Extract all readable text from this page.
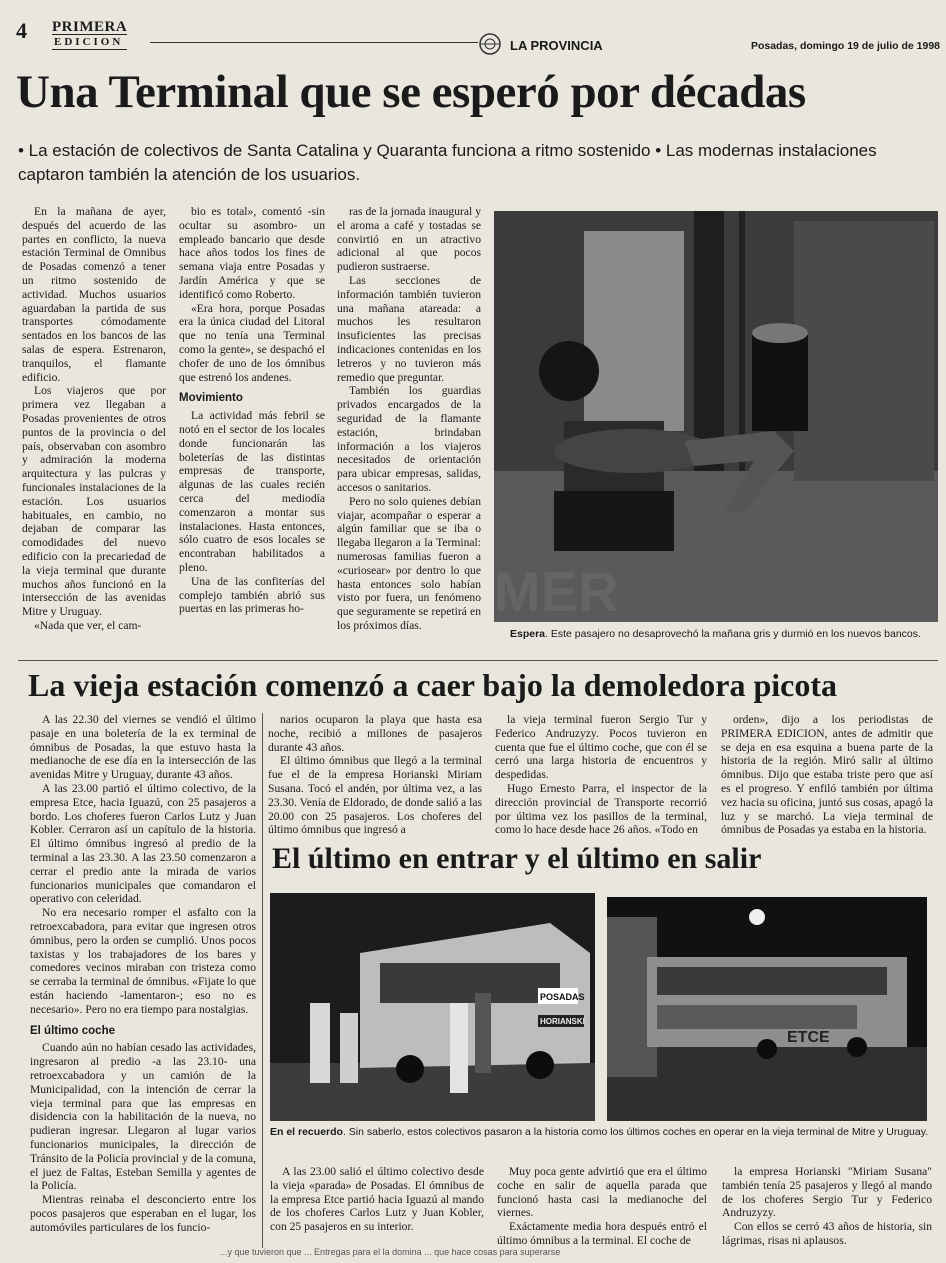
4 PRIMERA
EDICION	LA PROVINCIA	Posadas, domingo 19 de julio de 1998
Una Terminal que se esperó por décadas
• La estación de colectivos de Santa Catalina y Quaranta funciona a ritmo sostenido • Las modernas instalaciones captaron también la atención de los usuarios.

En la mañana de ayer, después del acuerdo de las partes en conflicto, la nueva estación Terminal de Omnibus de Posadas comenzó a tener un ritmo sostenido de actividad. Muchos usuarios aguardaban la partida de sus transportes cómodamente sentados en los bancos de las salas de espera. Estrenaron, tranquilos, el flamante edificio.

Los viajeros que por primera vez llegaban a Posadas provenientes de otros puntos de la provincia o del país, observaban con asombro y admiración la moderna arquitectura y las pulcras y funcionales instalaciones de la estación. Los usuarios habituales, en cambio, no dejaban de comparar las comodidades del nuevo edificio con la precariedad de la vieja terminal que durante muchos años funcionó en la intersección de las avenidas Mitre y Uruguay.

«Nada que ver, el cam-

bio es total», comentó -sin ocultar su asombro- un empleado bancario que desde hace años todos los fines de semana viaja entre Posadas y Jardín América y que se identificó como Roberto.

«Era hora, porque Posadas era la única ciudad del Litoral que no tenía una Terminal como la gente», se despachó el chofer de uno de los ómnibus que estrenó los andenes.

Movimiento

La actividad más febril se notó en el sector de los locales donde funcionarán las boleterías de las distintas empresas de transporte, algunas de las cuales recién cerca del mediodía comenzaron a montar sus instalaciones. Hasta entonces, sólo cuatro de esos locales se encontraban habilitados a pleno.

Una de las confiterías del complejo también abrió sus puertas en las primeras ho-

ras de la jornada inaugural y el aroma a café y tostadas se convirtió en un atractivo adicional al que pocos pudieron sustraerse.

Las secciones de información también tuvieron una mañana atareada: a muchos les resultaron insuficientes las precisas indicaciones contenidas en los letreros y no tuvieron más remedio que preguntar.

También los guardias privados encargados de la seguridad de la flamante estación, brindaban información a los viajeros necesitados de orientación para ubicar empresas, salidas, accesos o sanitarios.

Pero no solo quienes debían viajar, acompañar o esperar a algún familiar que se iba o llegaba llegaron a la Terminal: numerosas familias fueron a «curiosear» por dentro lo que hasta entonces solo habían visto por fuera, un fenómeno que seguramente se repetirá en los próximos días.

MER
Espera. Este pasajero no desaprovechó la mañana gris y durmió en los nuevos bancos.
La vieja estación comenzó a caer bajo la demoledora picota

A las 22.30 del viernes se vendió el último pasaje en una boletería de la ex terminal de ómnibus de Posadas, la que estuvo hasta la medianoche de ese día en la intersección de las avenidas Mitre y Uruguay, durante 43 años.

A las 23.00 partió el último colectivo, de la empresa Etce, hacia Iguazú, con 25 pasajeros a bordo. Los choferes fueron Carlos Lutz y Juan Kobler. Cerraron así un capítulo de la historia. El último ómnibus ingresó al predio de la terminal a las 23.30. A las 23.50 comenzaron a cerrar el predio ante la mirada de varios funcionarios municipales que comandaron el operativo con celeridad.

No era necesario romper el asfalto con la retroexcabadora, para evitar que ingresen otros ómnibus, pero la orden se cumplió. Unos pocos taxistas y los trabajadores de los bares y comedores vecinos miraban con tristeza como se cerraba la terminal de ómnibus. «Fijate lo que están haciendo -lamentaron-; eso no es necesario». Pero no era tiempo para nostalgias.

El último coche

Cuando aún no habían cesado las actividades, ingresaron al predio -a las 23.10- una retroexcabadora y un camión de la Municipalidad, con la intención de cerrar la vieja terminal para que las empresas en disidencia con la habilitación de la nueva, no pudieran ingresar. Llegaron al lugar varios funcionarios municipales, la dirección de Tránsito de la Policía provincial y de la comuna, el juez de Faltas, Esteban Semilla y agentes de la Policía.

Mientras reinaba el desconcierto entre los pocos pasajeros que esperaban en el lugar, los automóviles particulares de los funcio-

narios ocuparon la playa que hasta esa noche, recibió a millones de pasajeros durante 43 años.

El último ómnibus que llegó a la terminal fue el de la empresa Horianski Miriam Susana. Tocó el andén, por última vez, a las 23.30. Venía de Eldorado, de donde salió a las 20.00 con 25 pasajeros. Los choferes del último ómnibus que ingresó a

la vieja terminal fueron Sergio Tur y Federico Andruzyzy. Pocos tuvieron en cuenta que fue el último coche, que con él se cerró una larga historia de encuentros y despedidas.

Hugo Ernesto Parra, el inspector de la dirección provincial de Transporte recorrió por última vez los pasillos de la terminal, como lo hace desde hace 26 años. «Todo en

orden», dijo a los periodistas de PRIMERA EDICION, antes de admitir que se deja en esa esquina a buena parte de la historia de la región. Miró salir al último ómnibus. Dijo que estaba triste pero que así es el progreso. Y enfiló también por última vez hacia su oficina, juntó sus cosas, apagó la luz y se marchó. La vieja terminal de ómnibus de Posadas ya estaba en la historia.

El último en entrar y el último en salir
POSADAS
HORIANSKI
ETCE
En el recuerdo. Sin saberlo, estos colectivos pasaron a la historia como los últimos coches en operar en la vieja terminal de Mitre y Uruguay.

A las 23.00 salió el último colectivo desde la vieja «parada» de Posadas. El ómnibus de la empresa Etce partió hacia Iguazú al mando de los choferes Carlos Lutz y Juan Kobler, con 25 pasajeros en su interior.

Muy poca gente advirtió que era el último coche en salir de aquella parada que funcionó hasta casi la medianoche del viernes.

Exáctamente media hora después entró el último ómnibus a la terminal. El coche de

la empresa Horianski "Miriam Susana" también tenía 25 pasajeros y llegó al mando de los choferes Sergio Tur y Federico Andruzyzy.

Con ellos se cerró 43 años de historia, sin lágrimas, risas ni aplausos.

...y que tuvieron que ... Entregas para el la domina ... que hace cosas para superarse
